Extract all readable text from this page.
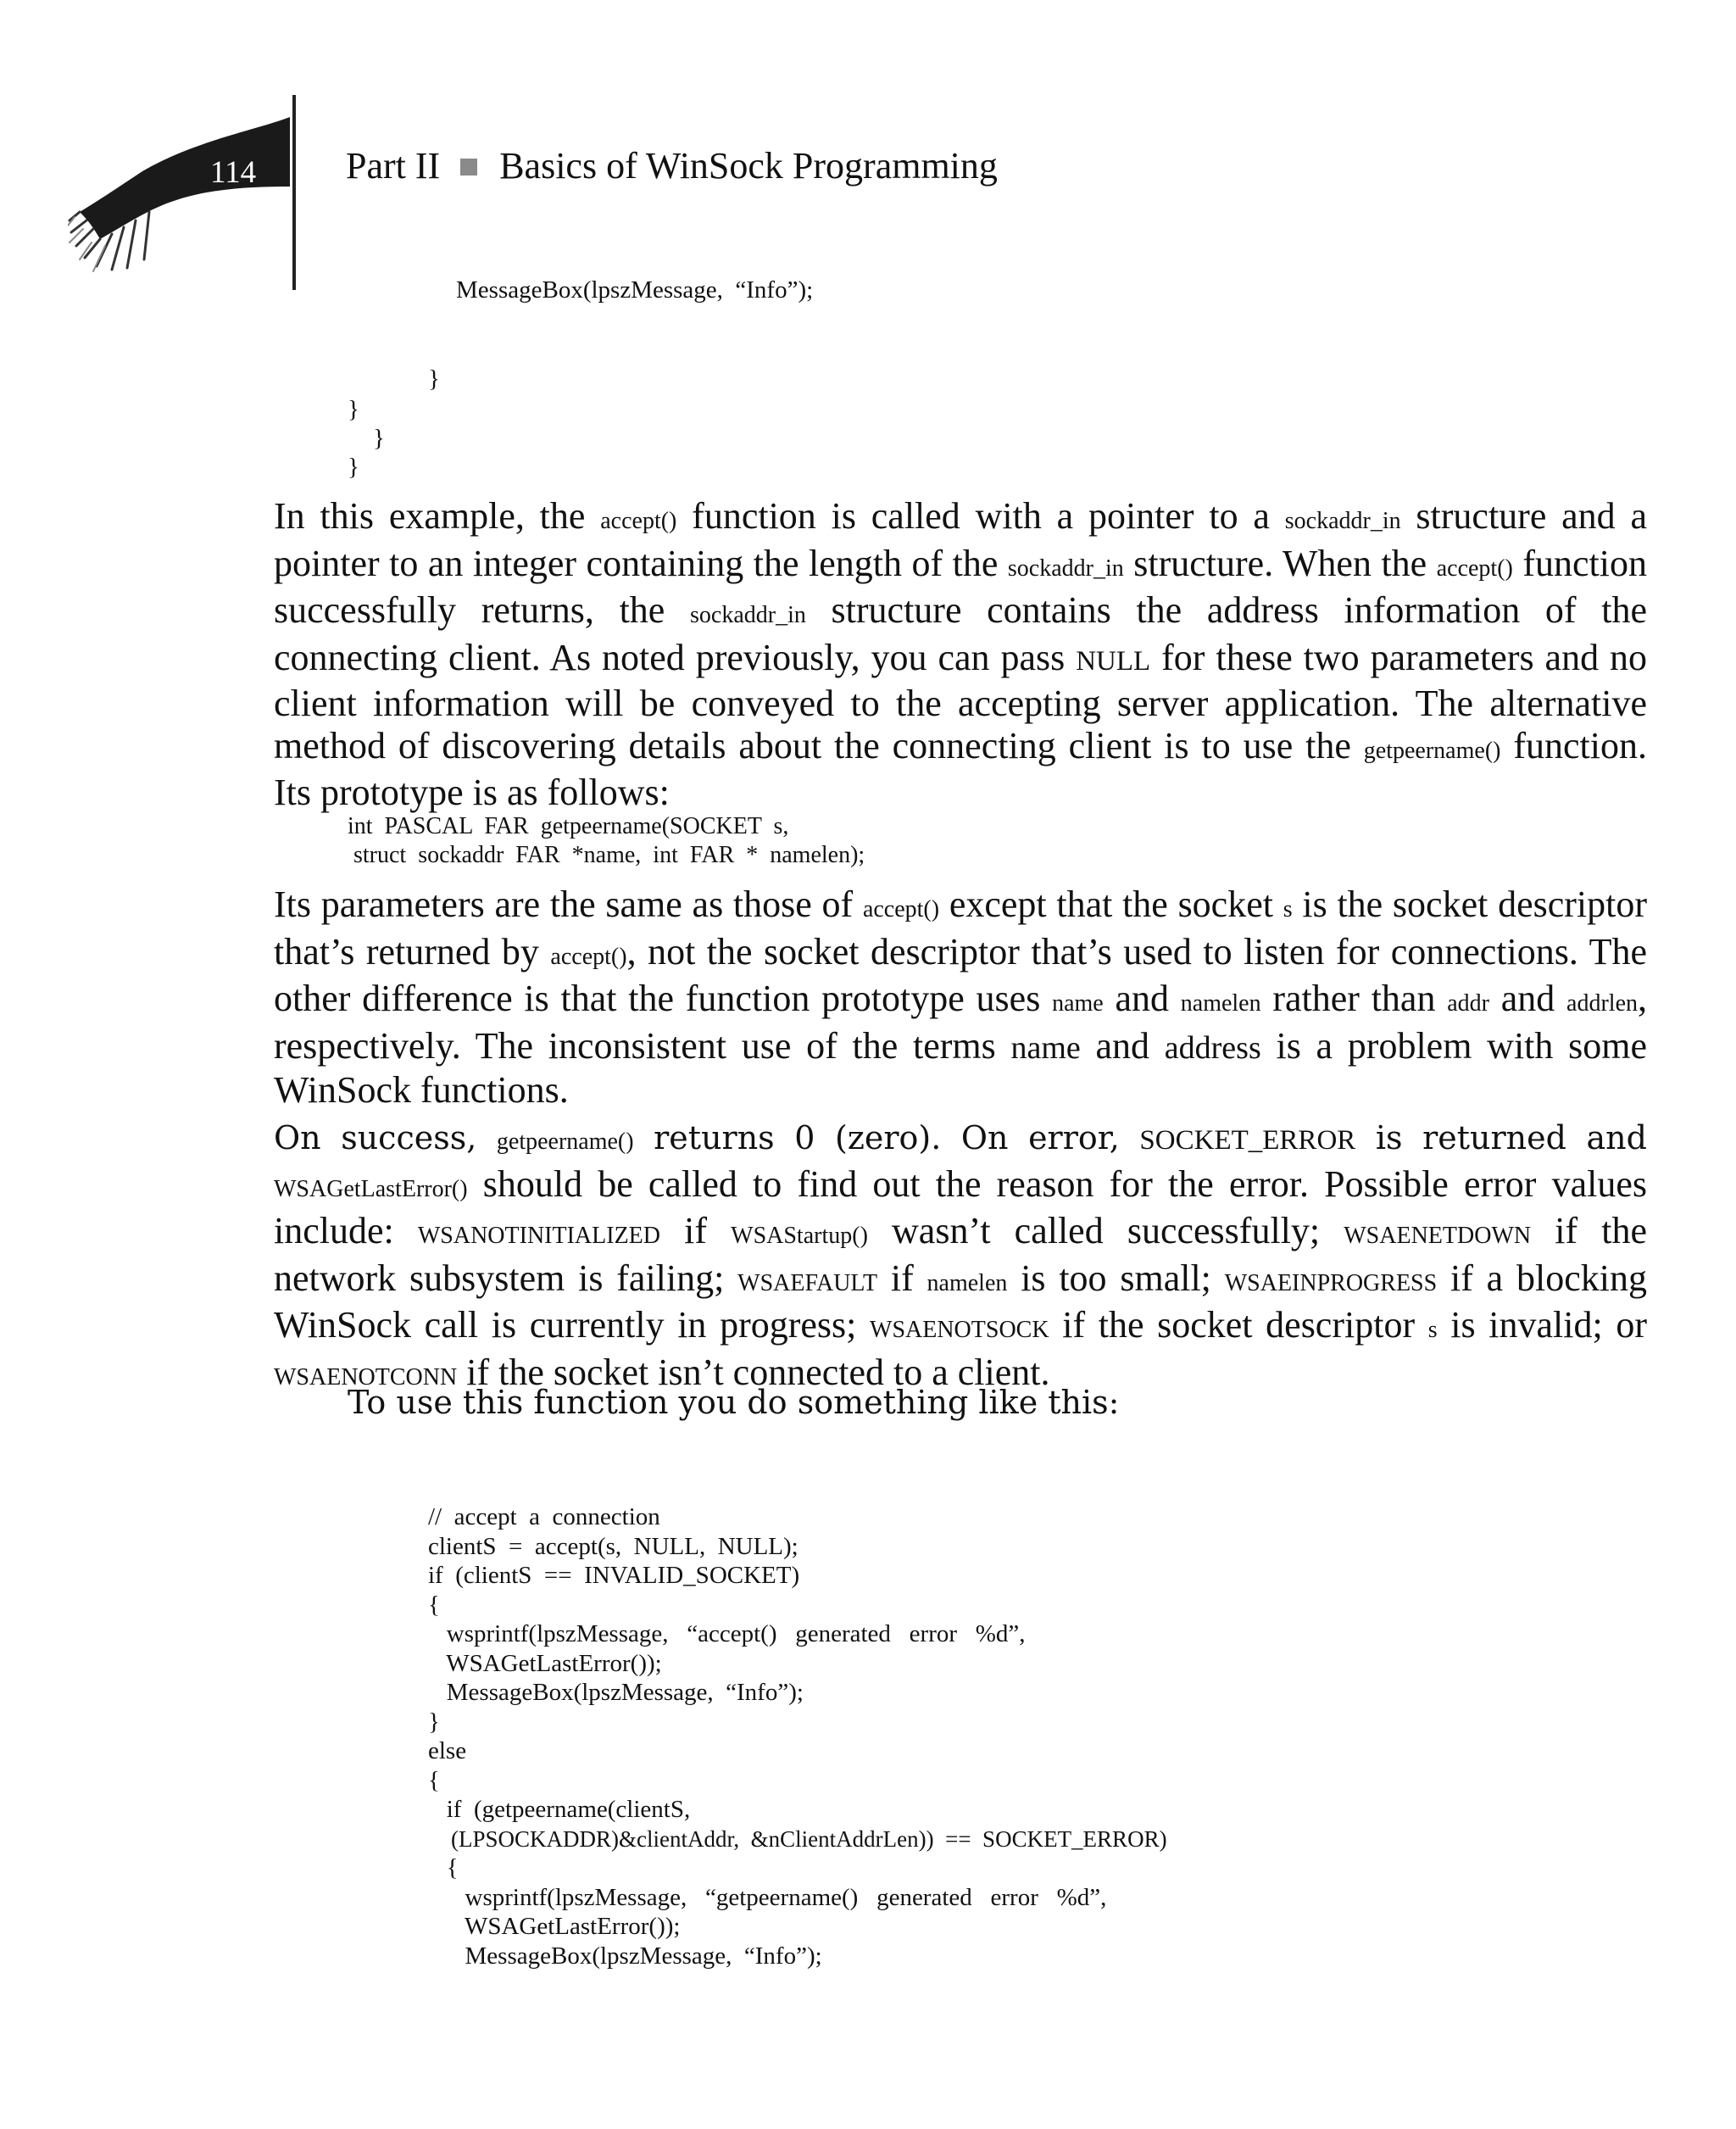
114 Part II Basics of WinSock Programming
MessageBox(lpszMessage,  “Info”);
}
}
}
}

In this example, the accept() function is called with a pointer to a sockaddr_in structure and a pointer to an integer containing the length of the sockaddr_in structure. When the accept() function successfully returns, the sockaddr_in structure contains the address information of the connecting client. As noted previously, you can pass NULL for these two parameters and no client information will be conveyed to the accepting server application. The alternative method of discovering details about the connecting client is to use the getpeername() function. Its prototype is as follows:

int  PASCAL  FAR  getpeername(SOCKET  s,
struct  sockaddr  FAR  *name,  int  FAR  *  namelen);

Its parameters are the same as those of accept() except that the socket s is the socket descriptor that’s returned by accept(), not the socket descriptor that’s used to listen for connections. The other difference is that the function prototype uses name and namelen rather than addr and addrlen, respectively. The inconsistent use of the terms name and address is a problem with some WinSock functions.

On success, getpeername() returns 0 (zero). On error, SOCKET_ERROR is returned and WSAGetLastError() should be called to find out the reason for the error. Possible error values include: WSANOTINITIALIZED if WSAStartup() wasn’t called successfully; WSAENETDOWN if the network subsystem is failing; WSAEFAULT if namelen is too small; WSAEINPROGRESS if a blocking WinSock call is currently in progress; WSAENOTSOCK if the socket descriptor s is invalid; or WSAENOTCONN if the socket isn’t connected to a client.

To use this function you do something like this:
//  accept  a  connection
clientS  =  accept(s,  NULL,  NULL);
if  (clientS  ==  INVALID_SOCKET)
{
wsprintf(lpszMessage,   “accept()   generated   error   %d”,
WSAGetLastError());
MessageBox(lpszMessage,  “Info”);
}
else
{
if  (getpeername(clientS,
(LPSOCKADDR)&clientAddr,  &nClientAddrLen))  ==  SOCKET_ERROR)
{
wsprintf(lpszMessage,   “getpeername()   generated   error   %d”,
WSAGetLastError());
MessageBox(lpszMessage,  “Info”);
